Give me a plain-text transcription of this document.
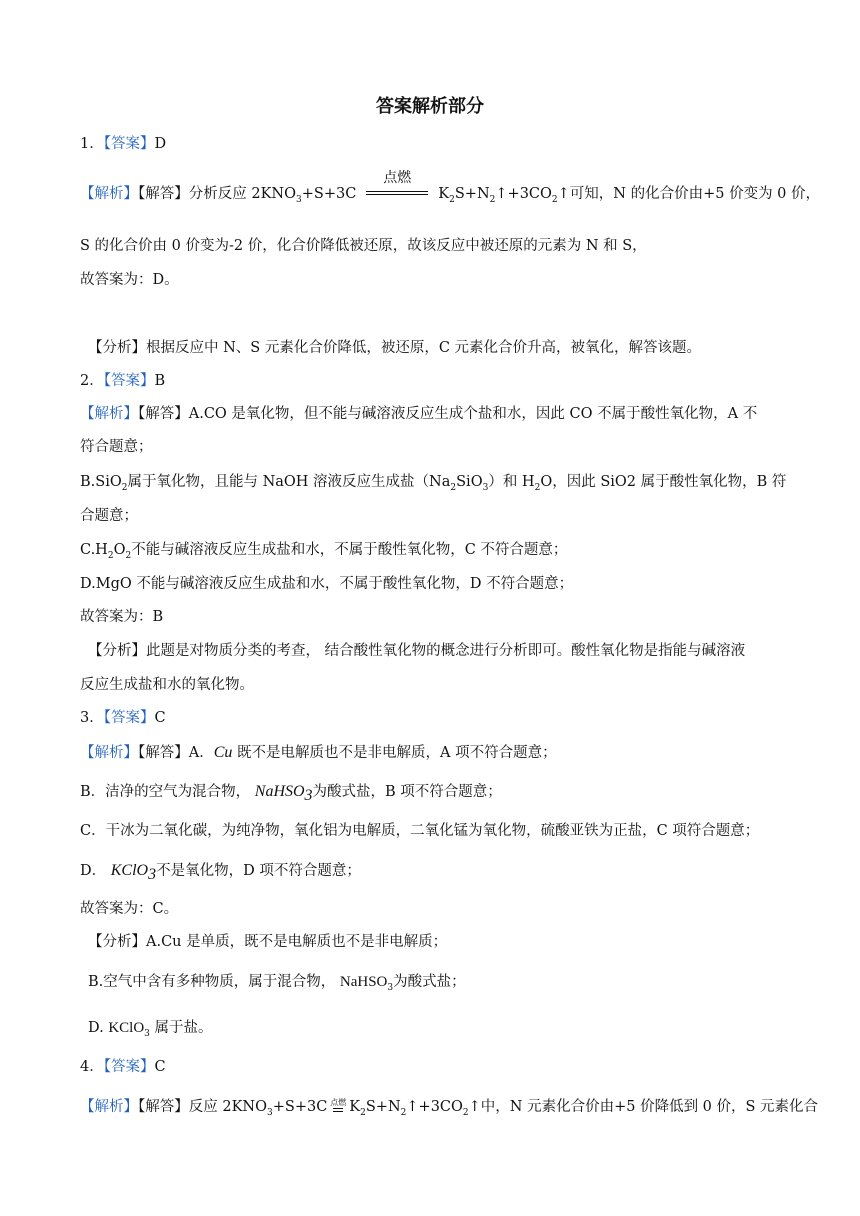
答案解析部分
1．【答案】D
【解析】【解答】分析反应 $2KNO_3+S+3C$
点燃
$K_2S+N_2↑+3CO_2↑$可知，N 的化合价由+5 价变为 0 价，
S 的化合价由 0 价变为-2 价，化合价降低被还原，故该反应中被还原的元素为 N 和 S，
故答案为：D。
【分析】根据反应中 N、S 元素化合价降低，被还原，C 元素化合价升高，被氧化，解答该题。
2．【答案】B
【解析】【解答】A.CO 是氧化物，但不能与碱溶液反应生成个盐和水，因此 CO 不属于酸性氧化物，A 不
符合题意；
B.SiO$_2$属于氧化物，且能与 NaOH 溶液反应生成盐$(Na_2SiO_3)$和 $H_2O$，因此 SiO2 属于酸性氧化物，B 符
合题意；
$C.H_2O_2$不能与碱溶液反应生成盐和水，不属于酸性氧化物，C 不符合题意；
D.MgO 不能与碱溶液反应生成盐和水，不属于酸性氧化物，D 不符合题意；
故答案为：B
【分析】此题是对物质分类的考查， 结合酸性氧化物的概念进行分析即可。酸性氧化物是指能与碱溶液
反应生成盐和水的氧化物。
3．【答案】C
【解析】【解答】A．Cu 既不是电解质也不是非电解质，A 项不符合题意；
B．洁净的空气为混合物， NaHSO$_3$为酸式盐，B 项不符合题意；
C．干冰为二氧化碳，为纯净物，氧化铝为电解质，二氧化锰为氧化物，硫酸亚铁为正盐，C 项符合题意；
D． KClO$_3$不是氧化物，D 项不符合题意；
故答案为：C。
【分析】A.Cu 是单质，既不是电解质也不是非电解质；
B.空气中含有多种物质，属于混合物， NaHSO$_3$为酸式盐；
D. KClO$_3$ 属于盐。
4．【答案】C
【解析】【解答】反应 $2KNO_3+S+3C$ 点燃 $K_2S+N_2↑+3CO_2↑$中，N 元素化合价由+5 价降低到 0 价，S 元素化合
